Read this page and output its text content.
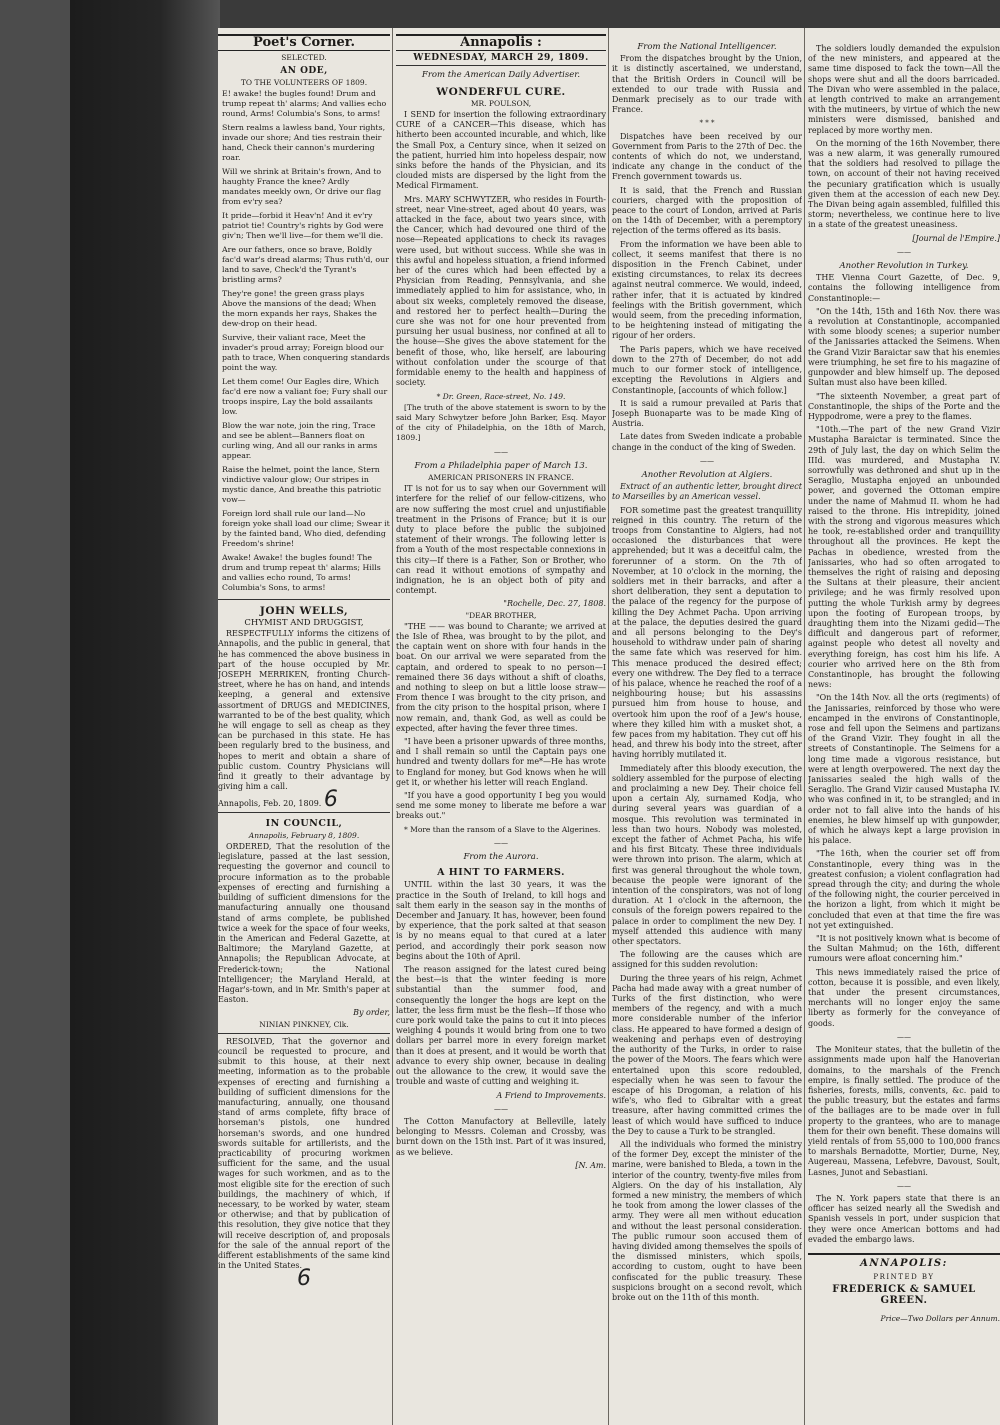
Poet's Corner.
SELECTED.
AN ODE,
TO THE VOLUNTEERS OF 1809.

E! awake! the bugles found! Drum and trump repeat th' alarms; And vallies echo round, Arms! Columbia's Sons, to arms!

Stern realms a lawless band, Your rights, invade our shore; And ties restrain their hand, Check their cannon's murdering roar.

Will we shrink at Britain's frown, And to haughty France the knee? Ardly mandates meekly own, Or drive our flag from ev'ry sea?

It pride—forbid it Heav'n! And it ev'ry patriot tie! Country's rights by God were giv'n; Then we'll live—for them we'll die.

Are our fathers, once so brave, Boldly fac'd war's dread alarms; Thus ruth'd, our land to save, Check'd the Tyrant's bristling arms?

They're gone! the green grass plays Above the mansions of the dead; When the morn expands her rays, Shakes the dew-drop on their head.

Survive, their valiant race, Meet the invader's proud array; Foreign blood our path to trace, When conquering standards point the way.

Let them come! Our Eagles dire, Which fac'd ere now a valiant foe; Fury shall our troops inspire, Lay the bold assailants low.

Blow the war note, join the ring, Trace and see be ablent—Banners float on curling wing, And all our ranks in arms appear.

Raise the helmet, point the lance, Stern vindictive valour glow; Our stripes in mystic dance, And breathe this patriotic vow—

Foreign lord shall rule our land—No foreign yoke shall load our clime; Swear it by the fainted band, Who died, defending Freedom's shrine!

Awake! Awake! the bugles found! The drum and trump repeat th' alarms; Hills and vallies echo round, To arms! Columbia's Sons, to arms!

JOHN WELLS,
CHYMIST AND DRUGGIST,

RESPECTFULLY informs the citizens of Annapolis, and the public in general, that he has commenced the above business in part of the house occupied by Mr. JOSEPH MERRIKEN, fronting Church-street, where he has on hand, and intends keeping, a general and extensive assortment of DRUGS and MEDICINES, warranted to be of the best quality, which he will engage to sell as cheap as they can be purchased in this state. He has been regularly bred to the business, and hopes to merit and obtain a share of public custom. Country Physicians will find it greatly to their advantage by giving him a call.

Annapolis, Feb. 20, 1809. 6
IN COUNCIL,
Annapolis, February 8, 1809.

ORDERED, That the resolution of the legislature, passed at the last session, requesting the governor and council to procure information as to the probable expenses of erecting and furnishing a building of sufficient dimensions for the manufacturing annually one thousand stand of arms complete, be published twice a week for the space of four weeks, in the American and Federal Gazette, at Baltimore; the Maryland Gazette, at Annapolis; the Republican Advocate, at Frederick-town; the National Intelligencer; the Maryland Herald, at Hagar's-town, and in Mr. Smith's paper at Easton.

By order,
NINIAN PINKNEY, Clk.

RESOLVED, That the governor and council be requested to procure, and submit to this house, at their next meeting, information as to the probable expenses of erecting and furnishing a building of sufficient dimensions for the manufacturing, annually, one thousand stand of arms complete, fifty brace of horseman's pistols, one hundred horseman's swords, and one hundred swords suitable for artillerists, and the practicability of procuring workmen sufficient for the same, and the usual wages for such workmen, and as to the most eligible site for the erection of such buildings, the machinery of which, if necessary, to be worked by water, steam or otherwise; and that by publication of this resolution, they give notice that they will receive description of, and proposals for the sale of the annual report of the different establishments of the same kind in the United States.

6
Annapolis :
WEDNESDAY, MARCH 29, 1809.
From the American Daily Advertiser.
WONDERFUL CURE.
MR. POULSON,

I SEND for insertion the following extraordinary CURE of a CANCER—This disease, which has hitherto been accounted incurable, and which, like the Small Pox, a Century since, when it seized on the patient, hurried him into hopeless despair, now sinks before the hands of the Physician, and its clouded mists are dispersed by the light from the Medical Firmament.

Mrs. MARY SCHWYTZER, who resides in Fourth-street, near Vine-street, aged about 40 years, was attacked in the face, about two years since, with the Cancer, which had devoured one third of the nose—Repeated applications to check its ravages were used, but without success. While she was in this awful and hopeless situation, a friend informed her of the cures which had been effected by a Physician from Reading, Pennsylvania, and she immediately applied to him for assistance, who, in about six weeks, completely removed the disease, and restored her to perfect health—During the cure she was not for one hour prevented from pursuing her usual business, nor confined at all to the house—She gives the above statement for the benefit of those, who, like herself, are labouring without confolation under the scourge of that formidable enemy to the health and happiness of society.

* Dr. Green, Race-street, No. 149.

[The truth of the above statement is sworn to by the said Mary Schwytzer before John Barker, Esq. Mayor of the city of Philadelphia, on the 18th of March, 1809.]

——
From a Philadelphia paper of March 13.
AMERICAN PRISONERS IN FRANCE.

IT is not for us to say when our Government will interfere for the relief of our fellow-citizens, who are now suffering the most cruel and unjustifiable treatment in the Prisons of France; but it is our duty to place before the public the subjoined statement of their wrongs. The following letter is from a Youth of the most respectable connexions in this city—If there is a Father, Son or Brother, who can read it without emotions of sympathy and indignation, he is an object both of pity and contempt.

"Rochelle, Dec. 27, 1808.
"DEAR BROTHER,

"THE —— was bound to Charante; we arrived at the Isle of Rhea, was brought to by the pilot, and the captain went on shore with four hands in the boat. On our arrival we were separated from the captain, and ordered to speak to no person—I remained there 36 days without a shift of cloaths, and nothing to sleep on but a little loose straw—From thence I was brought to the city prison, and from the city prison to the hospital prison, where I now remain, and, thank God, as well as could be expected, after having the fever three times.

"I have been a prisoner upwards of three months, and I shall remain so until the Captain pays one hundred and twenty dollars for me*—He has wrote to England for money, but God knows when he will get it, or whether his letter will reach England.

"If you have a good opportunity I beg you would send me some money to liberate me before a war breaks out."

* More than the ransom of a Slave to the Algerines.

——
From the Aurora.
A HINT TO FARMERS.

UNTIL within the last 30 years, it was the practice in the South of Ireland, to kill hogs and salt them early in the season say in the months of December and January. It has, however, been found by experience, that the pork salted at that season is by no means equal to that cured at a later period, and accordingly their pork season now begins about the 10th of April.

The reason assigned for the latest cured being the best—is that the winter feeding is more substantial than the summer food, and consequently the longer the hogs are kept on the latter, the less firm must be the flesh—If those who cure pork would take the pains to cut it into pieces weighing 4 pounds it would bring from one to two dollars per barrel more in every foreign market than it does at present, and it would be worth that advance to every ship owner, because in dealing out the allowance to the crew, it would save the trouble and waste of cutting and weighing it.

A Friend to Improvements.
——

The Cotton Manufactory at Belleville, lately belonging to Messrs. Coleman and Crossby, was burnt down on the 15th inst. Part of it was insured, as we believe.

[N. Am.
From the National Intelligencer.

From the dispatches brought by the Union, it is distinctly ascertained, we understand, that the British Orders in Council will be extended to our trade with Russia and Denmark precisely as to our trade with France.

* * *

Dispatches have been received by our Government from Paris to the 27th of Dec. the contents of which do not, we understand, indicate any change in the conduct of the French government towards us.

It is said, that the French and Russian couriers, charged with the proposition of peace to the court of London, arrived at Paris on the 14th of December, with a peremptory rejection of the terms offered as its basis.

From the information we have been able to collect, it seems manifest that there is no disposition in the French Cabinet, under existing circumstances, to relax its decrees against neutral commerce. We would, indeed, rather infer, that it is actuated by kindred feelings with the British government, which would seem, from the preceding information, to be heightening instead of mitigating the rigour of her orders.

The Paris papers, which we have received down to the 27th of December, do not add much to our former stock of intelligence, excepting the Revolutions in Algiers and Constantinople, [accounts of which follow.]

It is said a rumour prevailed at Paris that Joseph Buonaparte was to be made King of Austria.

Late dates from Sweden indicate a probable change in the conduct of the king of Sweden.

——
Another Revolution at Algiers.

Extract of an authentic letter, brought direct to Marseilles by an American vessel.

FOR sometime past the greatest tranquillity reigned in this country. The return of the troops from Constantine to Algiers, had not occasioned the disturbances that were apprehended; but it was a deceitful calm, the forerunner of a storm. On the 7th of November, at 10 o'clock in the morning, the soldiers met in their barracks, and after a short deliberation, they sent a deputation to the palace of the regency for the purpose of killing the Dey Achmet Pacha. Upon arriving at the palace, the deputies desired the guard and all persons belonging to the Dey's household to withdraw under pain of sharing the same fate which was reserved for him. This menace produced the desired effect; every one withdrew. The Dey fled to a terrace of his palace, whence he reached the roof of a neighbouring house; but his assassins pursued him from house to house, and overtook him upon the roof of a Jew's house, where they killed him with a musket shot, a few paces from my habitation. They cut off his head, and threw his body into the street, after having horribly mutilated it.

Immediately after this bloody execution, the soldiery assembled for the purpose of electing and proclaiming a new Dey. Their choice fell upon a certain Aly, surnamed Kodja, who during several years was guardian of a mosque. This revolution was terminated in less than two hours. Nobody was molested, except the father of Achmet Pacha, his wife and his first Bitcaty. These three individuals were thrown into prison. The alarm, which at first was general throughout the whole town, because the people were ignorant of the intention of the conspirators, was not of long duration. At 1 o'clock in the afternoon, the consuls of the foreign powers repaired to the palace in order to compliment the new Dey. I myself attended this audience with many other spectators.

The following are the causes which are assigned for this sudden revolution:

During the three years of his reign, Achmet Pacha had made away with a great number of Turks of the first distinction, who were members of the regency, and with a much more considerable number of the inferior class. He appeared to have formed a design of weakening and perhaps even of destroying the authority of the Turks, in order to raise the power of the Moors. The fears which were entertained upon this score redoubled, especially when he was seen to favour the escape of his Drogoman, a relation of his wife's, who fled to Gibraltar with a great treasure, after having committed crimes the least of which would have sufficed to induce the Dey to cause a Turk to be strangled.

All the individuals who formed the ministry of the former Dey, except the minister of the marine, were banished to Bleda, a town in the interior of the country, twenty-five miles from Algiers. On the day of his installation, Aly formed a new ministry, the members of which he took from among the lower classes of the army. They were all men without education and without the least personal consideration. The public rumour soon accused them of having divided among themselves the spoils of the dismissed ministers, which spoils, according to custom, ought to have been confiscated for the public treasury. These suspicions brought on a second revolt, which broke out on the 11th of this month.

The soldiers loudly demanded the expulsion of the new ministers, and appeared at the same time disposed to fack the town—All the shops were shut and all the doors barricaded. The Divan who were assembled in the palace, at length contrived to make an arrangement with the mutineers, by virtue of which the new ministers were dismissed, banished and replaced by more worthy men.

On the morning of the 16th November, there was a new alarm, it was generally rumoured that the soldiers had resolved to pillage the town, on account of their not having received the pecuniary gratification which is usually given them at the accession of each new Dey. The Divan being again assembled, fulfilled this storm; nevertheless, we continue here to live in a state of the greatest uneasiness.

[Journal de l'Empire.]
——
Another Revolution in Turkey.

THE Vienna Court Gazette, of Dec. 9, contains the following intelligence from Constantinople:—

"On the 14th, 15th and 16th Nov. there was a revolution at Constantinople, accompanied with some bloody scenes; a superior number of the Janissaries attacked the Seimens. When the Grand Vizir Baraictar saw that his enemies were triumphing, he set fire to his magazine of gunpowder and blew himself up. The deposed Sultan must also have been killed.

"The sixteenth November, a great part of Constantinople, the ships of the Porte and the Hyppodrome, were a prey to the flames.

"10th.—The part of the new Grand Vizir Mustapha Baraictar is terminated. Since the 29th of July last, the day on which Selim the IIId. was murdered, and Mustapha IV. sorrowfully was dethroned and shut up in the Seraglio, Mustapha enjoyed an unbounded power, and governed the Ottoman empire under the name of Mahmud II. whom he had raised to the throne. His intrepidity, joined with the strong and vigorous measures which he took, re-established order and tranquillity throughout all the provinces. He kept the Pachas in obedience, wrested from the Janissaries, who had so often arrogated to themselves the right of raising and deposing the Sultans at their pleasure, their ancient privilege; and he was firmly resolved upon putting the whole Turkish army by degrees upon the footing of European troops, by draughting them into the Nizami gedid—The difficult and dangerous part of reformer, against people who detest all novelty and everything foreign, has cost him his life. A courier who arrived here on the 8th from Constantinople, has brought the following news:

"On the 14th Nov. all the orts (regiments) of the Janissaries, reinforced by those who were encamped in the environs of Constantinople, rose and fell upon the Seimens and partizans of the Grand Vizir. They fought in all the streets of Constantinople. The Seimens for a long time made a vigorous resistance, but were at length overpowered. The next day the Janissaries sealed the high walls of the Seraglio. The Grand Vizir caused Mustapha IV. who was confined in it, to be strangled; and in order not to fall alive into the hands of his enemies, he blew himself up with gunpowder, of which he always kept a large provision in his palace.

"The 16th, when the courier set off from Constantinople, every thing was in the greatest confusion; a violent conflagration had spread through the city; and during the whole of the following night, the courier perceived in the horizon a light, from which it might be concluded that even at that time the fire was not yet extinguished.

"It is not positively known what is become of the Sultan Mahmud; on the 16th, different rumours were afloat concerning him."

This news immediately raised the price of cotton, because it is possible, and even likely, that under the present circumstances, merchants will no longer enjoy the same liberty as formerly for the conveyance of goods.

——

The Moniteur states, that the bulletin of the assignments made upon half the Hanoverian domains, to the marshals of the French empire, is finally settled. The produce of the fisheries, forests, mills, convents, &c. paid to the public treasury, but the estates and farms of the bailiages are to be made over in full property to the grantees, who are to manage them for their own benefit. These domains will yield rentals of from 55,000 to 100,000 francs to marshals Bernadotte, Mortier, Durne, Ney, Augereau, Massena, Lefebvre, Davoust, Soult, Lasnes, Junot and Sebastiani.

——

The N. York papers state that there is an officer has seized nearly all the Swedish and Spanish vessels in port, under suspicion that they were once American bottoms and had evaded the embargo laws.

ANNAPOLIS:
PRINTED BY
FREDERICK & SAMUEL GREEN.
Price—Two Dollars per Annum.
